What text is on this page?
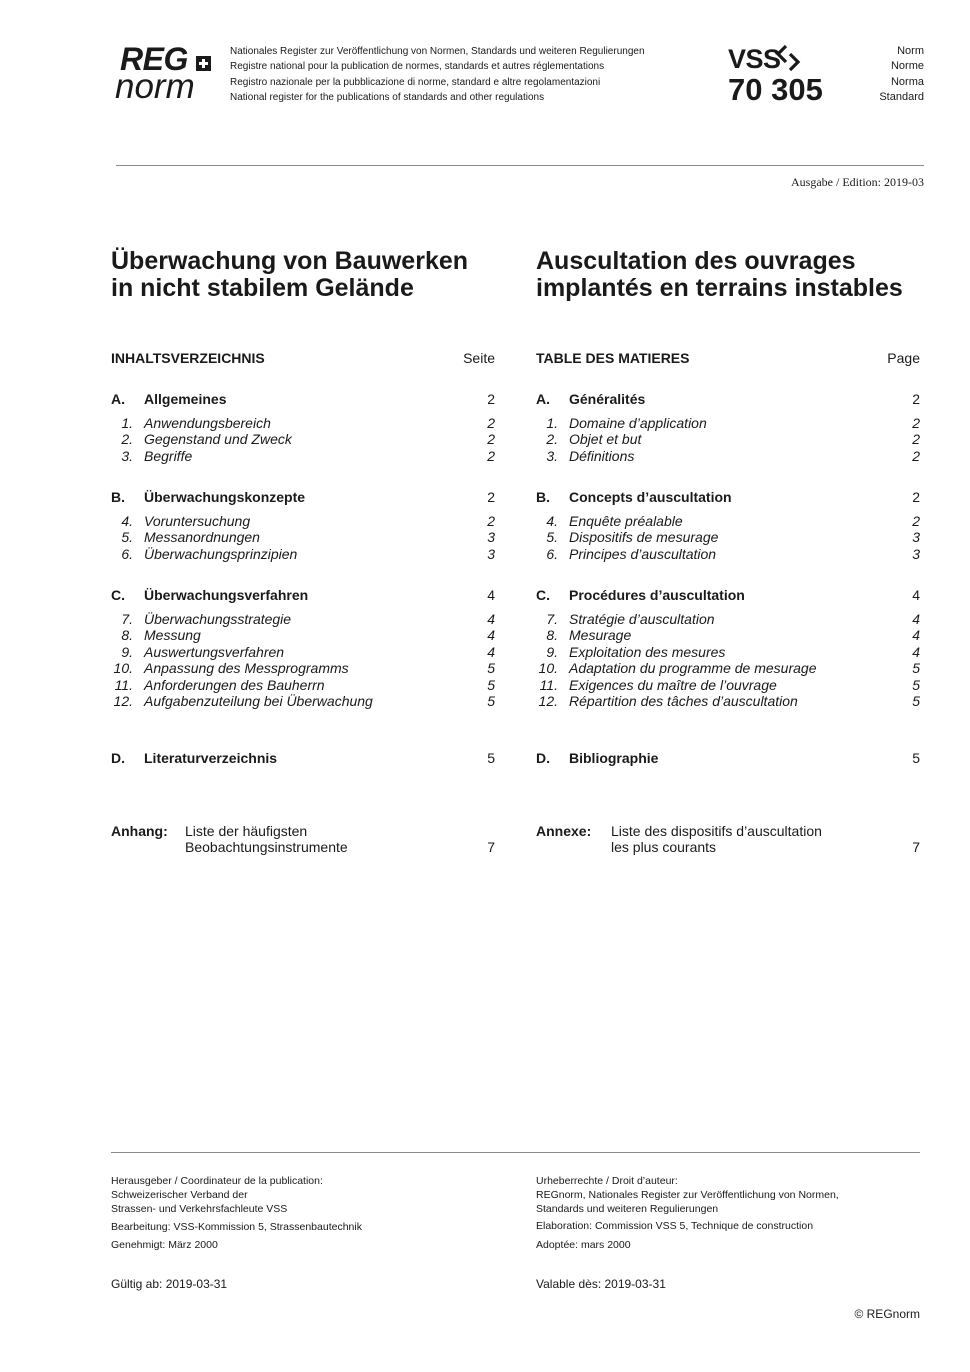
REG
norm
Nationales Register zur Veröffentlichung von Normen, Standards und weiteren Regulierungen
Registre national pour la publication de normes, standards et autres réglementations
Registro nazionale per la pubblicazione di norme, standard e altre regolamentazioni
National register for the publications of standards and other regulations
VSS
70 305
Norm
Norme
Norma
Standard
Ausgabe / Edition: 2019-03
Überwachung von Bauwerken
in nicht stabilem Gelände
Auscultation des ouvrages
implantés en terrains instables
INHALTSVERZEICHNIS	Seite
A.	Allgemeines	2
1. Anwendungsbereich	2
2. Gegenstand und Zweck	2
3. Begriffe	2
B.	Überwachungskonzepte	2
4. Voruntersuchung	2
5. Messanordnungen	3
6. Überwachungsprinzipien	3
C.	Überwachungsverfahren	4
7. Überwachungsstrategie	4
8. Messung	4
9. Auswertungsverfahren	4
10. Anpassung des Messprogramms	5
11. Anforderungen des Bauherrn	5
12. Aufgabenzuteilung bei Überwachung	5
D.	Literaturverzeichnis	5
Anhang: Liste der häufigsten
Beobachtungsinstrumente	7
TABLE DES MATIERES	Page
A.	Généralités	2
1. Domaine d’application	2
2. Objet et but	2
3. Définitions	2
B.	Concepts d’auscultation	2
4. Enquête préalable	2
5. Dispositifs de mesurage	3
6. Principes d’auscultation	3
C.	Procédures d’auscultation	4
7. Stratégie d’auscultation	4
8. Mesurage	4
9. Exploitation des mesures	4
10. Adaptation du programme de mesurage	5
11. Exigences du maître de l’ouvrage	5
12. Répartition des tâches d’auscultation	5
D.	Bibliographie	5
Annexe: Liste des dispositifs d’auscultation
les plus courants	7
Herausgeber / Coordinateur de la publication:
Schweizerischer Verband der
Strassen- und Verkehrsfachleute VSS
Bearbeitung: VSS-Kommission 5, Strassenbautechnik
Genehmigt: März 2000
Gültig ab: 2019-03-31
Urheberrechte / Droit d’auteur:
REGnorm, Nationales Register zur Veröffentlichung von Normen,
Standards und weiteren Regulierungen
Elaboration: Commission VSS 5, Technique de construction
Adoptée: mars 2000
Valable dès: 2019-03-31
© REGnorm
